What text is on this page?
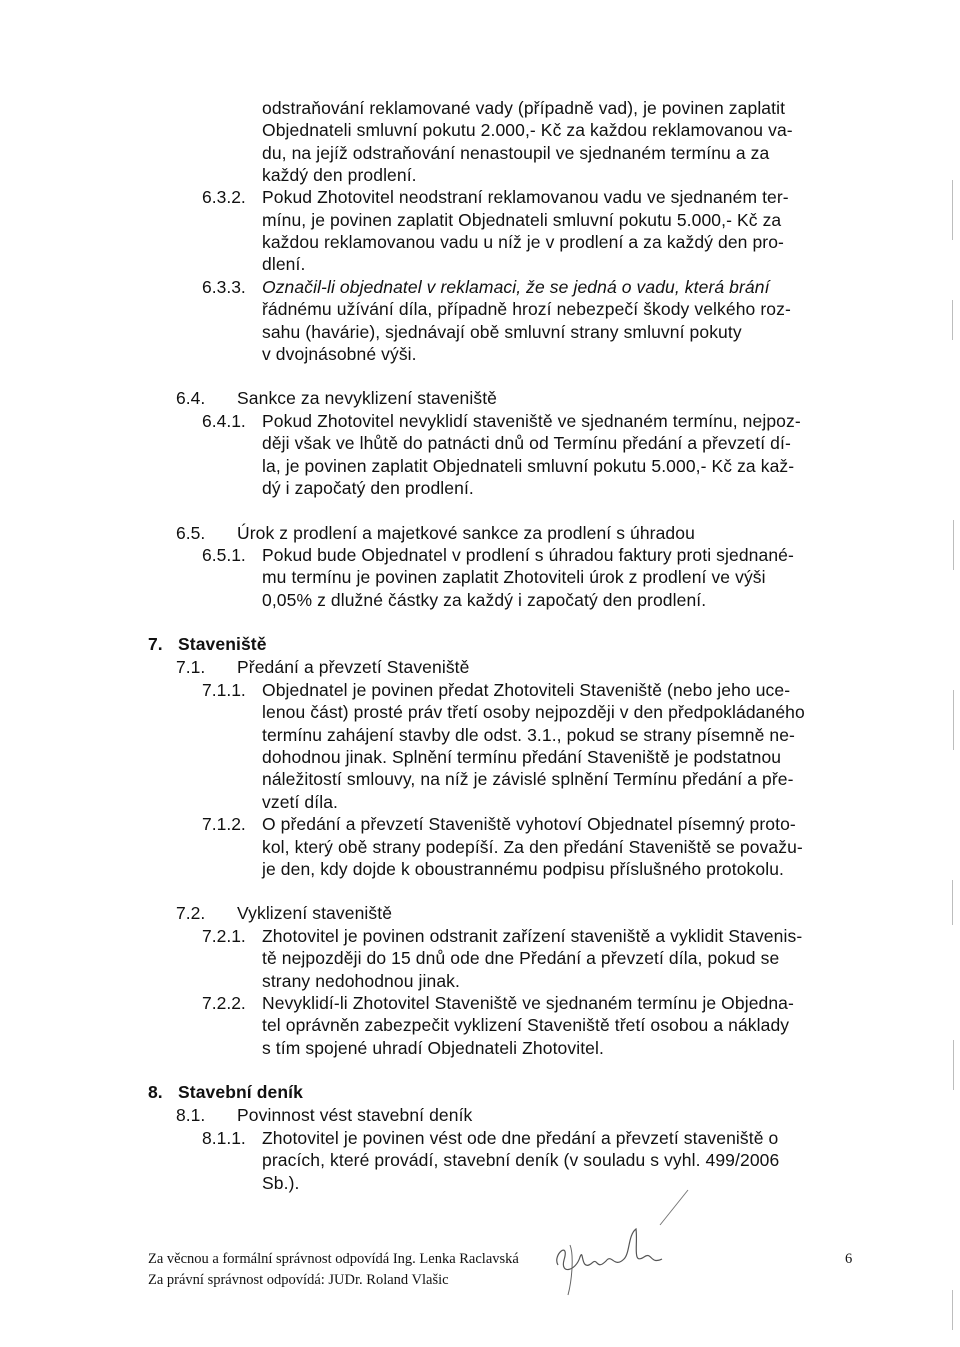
odstraňování reklamované vady (případně vad), je povinen zaplatit
Objednateli smluvní pokutu 2.000,- Kč za každou reklamovanou va-
du, na jejíž odstraňování nenastoupil ve sjednaném termínu a za
každý den prodlení.
6.3.2. Pokud Zhotovitel neodstraní reklamovanou vadu ve sjednaném ter-
mínu, je povinen zaplatit Objednateli smluvní pokutu 5.000,- Kč za
každou reklamovanou vadu u níž je v prodlení a za každý den pro-
dlení.
6.3.3. Označil-li objednatel v reklamaci, že se jedná o vadu, která brání
řádnému užívání díla, případně hrozí nebezpečí škody velkého roz-
sahu (havárie), sjednávají obě smluvní strany smluvní pokuty
v dvojnásobné výši.
6.4. Sankce za nevyklizení staveniště
6.4.1. Pokud Zhotovitel nevyklidí staveniště ve sjednaném termínu, nejpoz-
ději však ve lhůtě do patnácti dnů od Termínu předání a převzetí dí-
la, je povinen zaplatit Objednateli smluvní pokutu 5.000,- Kč za kaž-
dý i započatý den prodlení.
6.5. Úrok z prodlení a majetkové sankce za prodlení s úhradou
6.5.1. Pokud bude Objednatel v prodlení s úhradou faktury proti sjednané-
mu termínu je povinen zaplatit Zhotoviteli úrok z prodlení ve výši
0,05% z dlužné částky za každý i započatý den prodlení.
7. Staveniště
7.1. Předání a převzetí Staveniště
7.1.1. Objednatel je povinen předat Zhotoviteli Staveniště (nebo jeho uce-
lenou část) prosté práv třetí osoby nejpozději v den předpokládaného
termínu zahájení stavby dle odst. 3.1., pokud se strany písemně ne-
dohodnou jinak. Splnění termínu předání Staveniště je podstatnou
náležitostí smlouvy, na níž je závislé splnění Termínu předání a pře-
vzetí díla.
7.1.2. O předání a převzetí Staveniště vyhotoví Objednatel písemný proto-
kol, který obě strany podepíší. Za den předání Staveniště se považu-
je den, kdy dojde k oboustrannému podpisu příslušného protokolu.
7.2. Vyklizení staveniště
7.2.1. Zhotovitel je povinen odstranit zařízení staveniště a vyklidit Stavenis-
tě nejpozději do 15 dnů ode dne Předání a převzetí díla, pokud se
strany nedohodnou jinak.
7.2.2. Nevyklidí-li Zhotovitel Staveniště ve sjednaném termínu je Objedna-
tel oprávněn zabezpečit vyklizení Staveniště třetí osobou a náklady
s tím spojené uhradí Objednateli Zhotovitel.
8. Stavební deník
8.1. Povinnost vést stavební deník
8.1.1. Zhotovitel je povinen vést ode dne předání a převzetí staveniště o
pracích, které provádí, stavební deník (v souladu s vyhl. 499/2006
Sb.).
Za věcnou a formální správnost odpovídá Ing. Lenka Raclavská
Za právní správnost odpovídá: JUDr. Roland Vlašic
6
